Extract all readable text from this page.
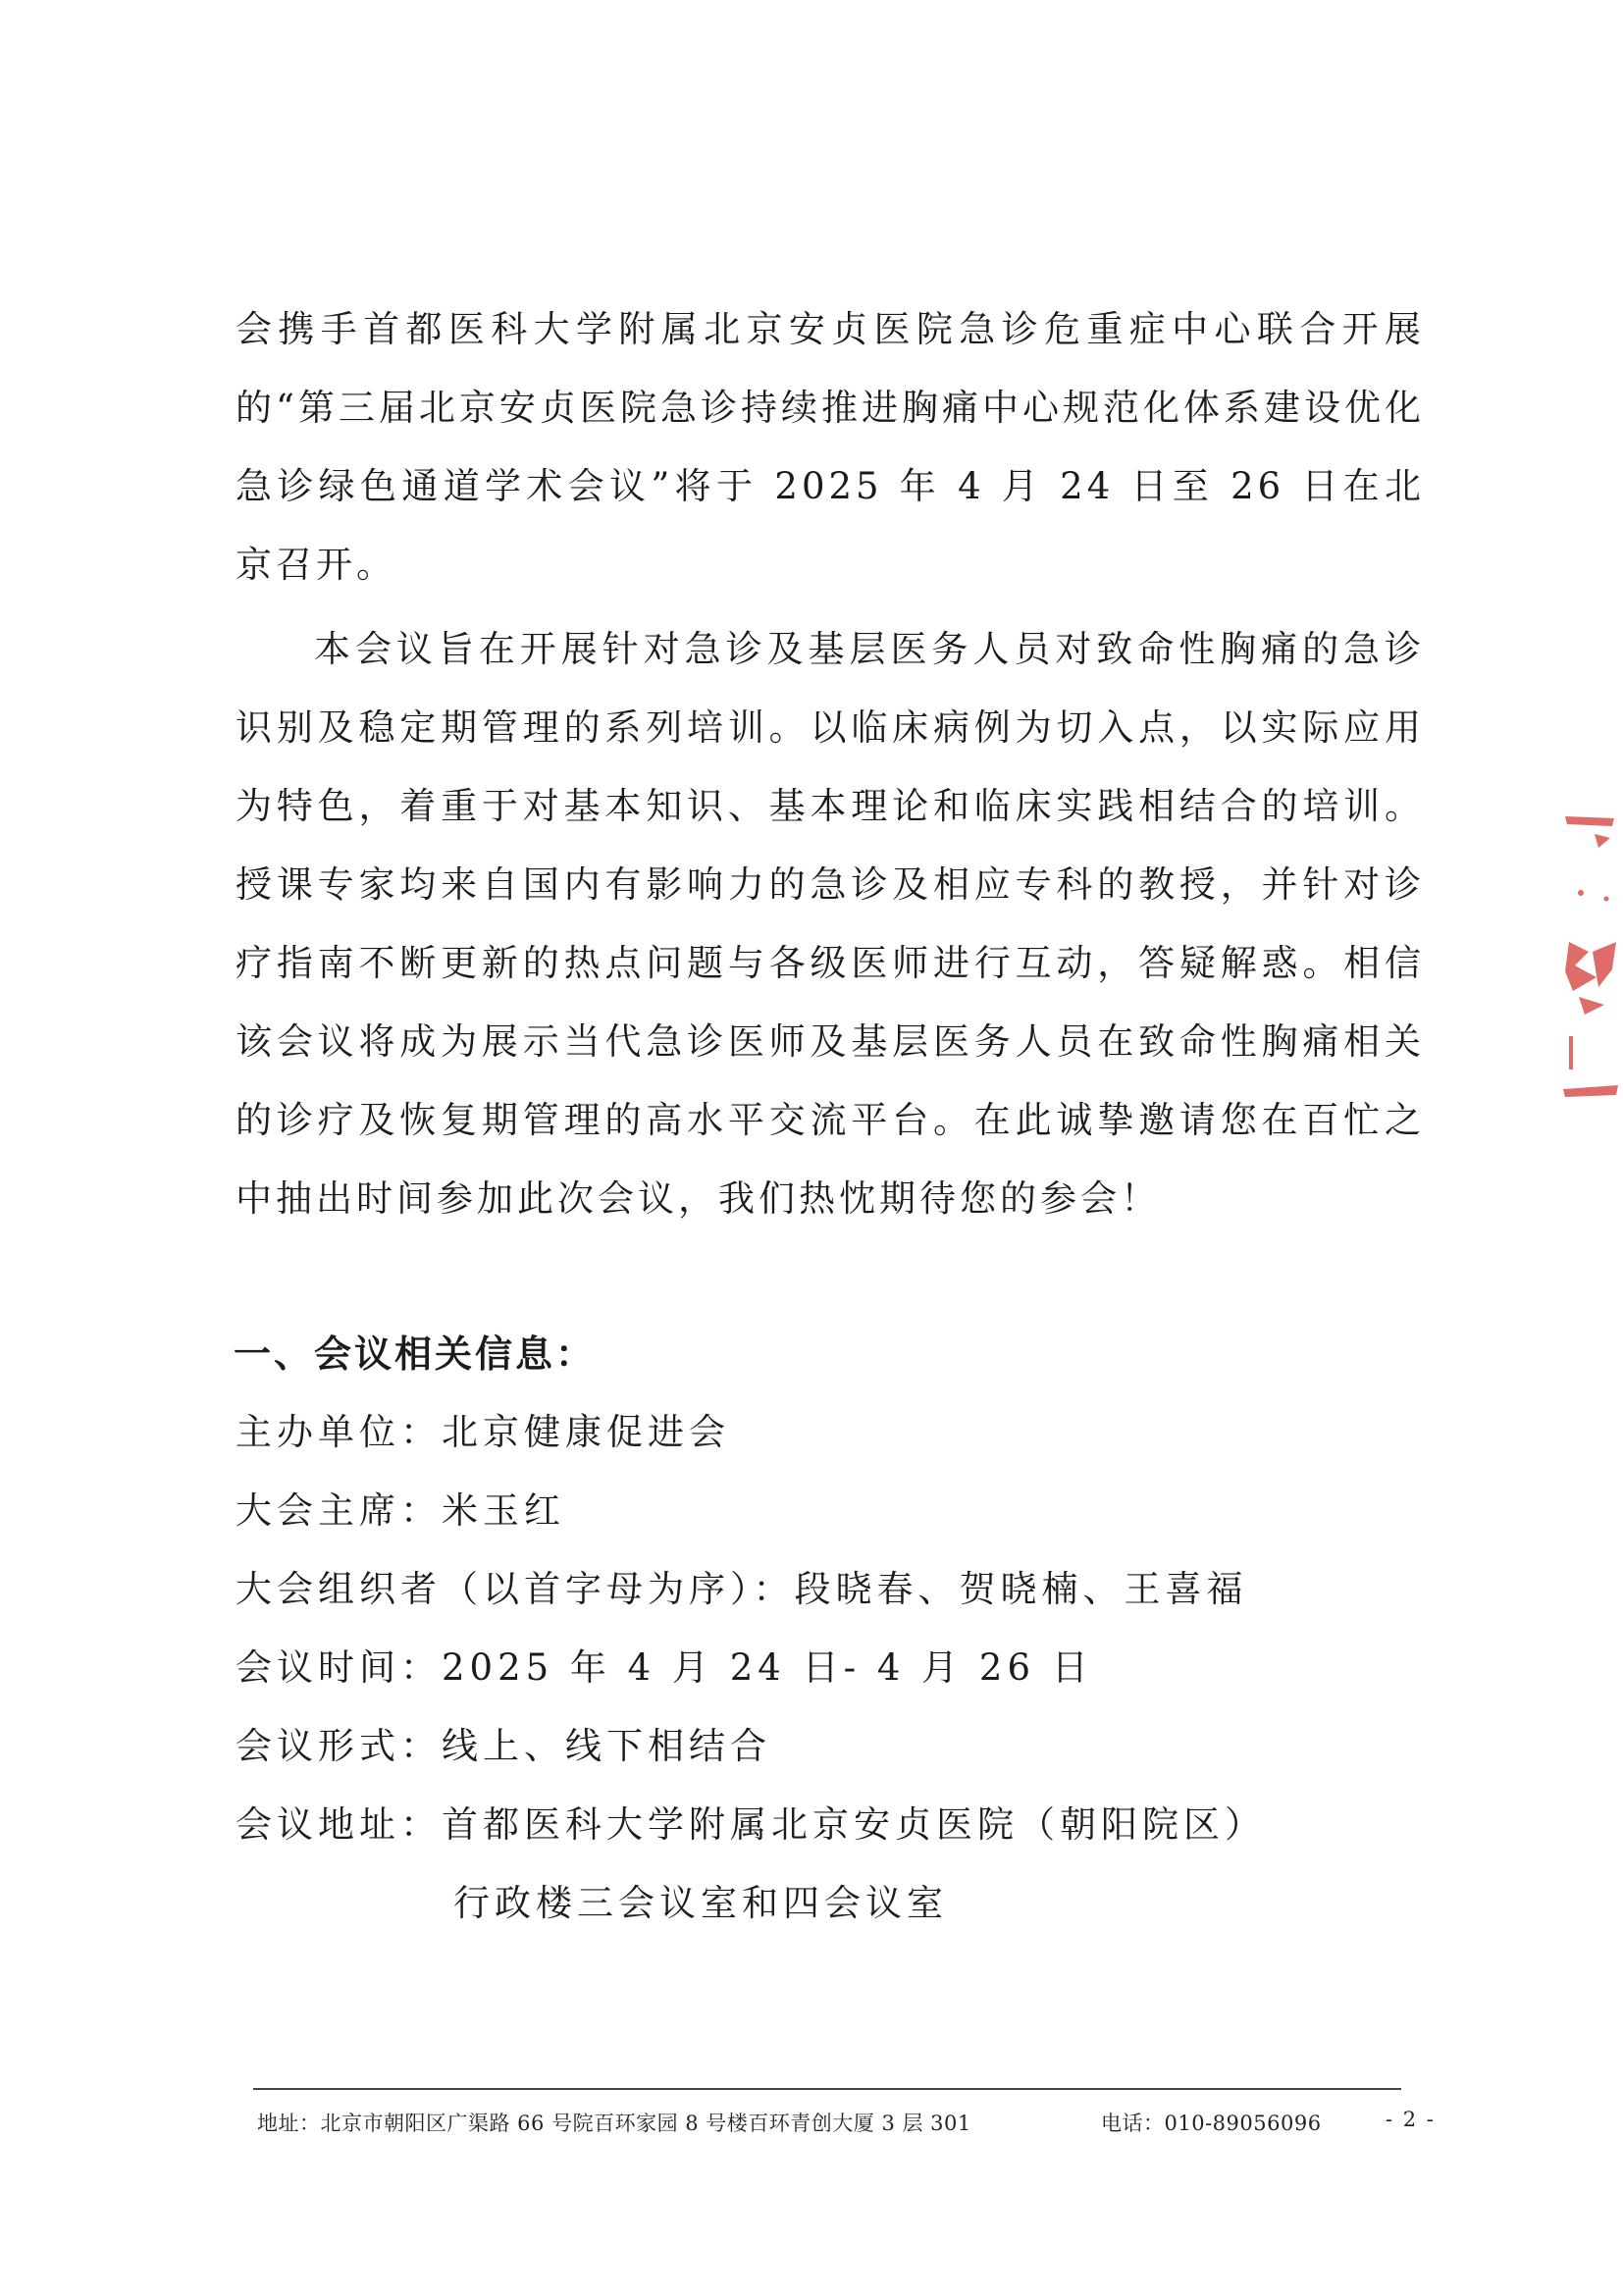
会携手首都医科大学附属北京安贞医院急诊危重症中心联合开展的“第三届北京安贞医院急诊持续推进胸痛中心规范化体系建设优化急诊绿色通道学术会议”将于 2025 年 4 月 24 日至 26 日在北京召开。

本会议旨在开展针对急诊及基层医务人员对致命性胸痛的急诊识别及稳定期管理的系列培训。以临床病例为切入点，以实际应用为特色，着重于对基本知识、基本理论和临床实践相结合的培训。授课专家均来自国内有影响力的急诊及相应专科的教授，并针对诊疗指南不断更新的热点问题与各级医师进行互动，答疑解惑。相信该会议将成为展示当代急诊医师及基层医务人员在致命性胸痛相关的诊疗及恢复期管理的高水平交流平台。在此诚挚邀请您在百忙之中抽出时间参加此次会议，我们热忱期待您的参会！

一、会议相关信息：
主办单位：北京健康促进会
大会主席：米玉红
大会组织者（以首字母为序）：段晓春、贺晓楠、王喜福
会议时间：2025 年 4 月 24 日- 4 月 26 日
会议形式：线上、线下相结合
会议地址：首都医科大学附属北京安贞医院（朝阳院区）
行政楼三会议室和四会议室
地址：北京市朝阳区广渠路 66 号院百环家园 8 号楼百环青创大厦 3 层 301	电话：010-89056096	- 2 -
